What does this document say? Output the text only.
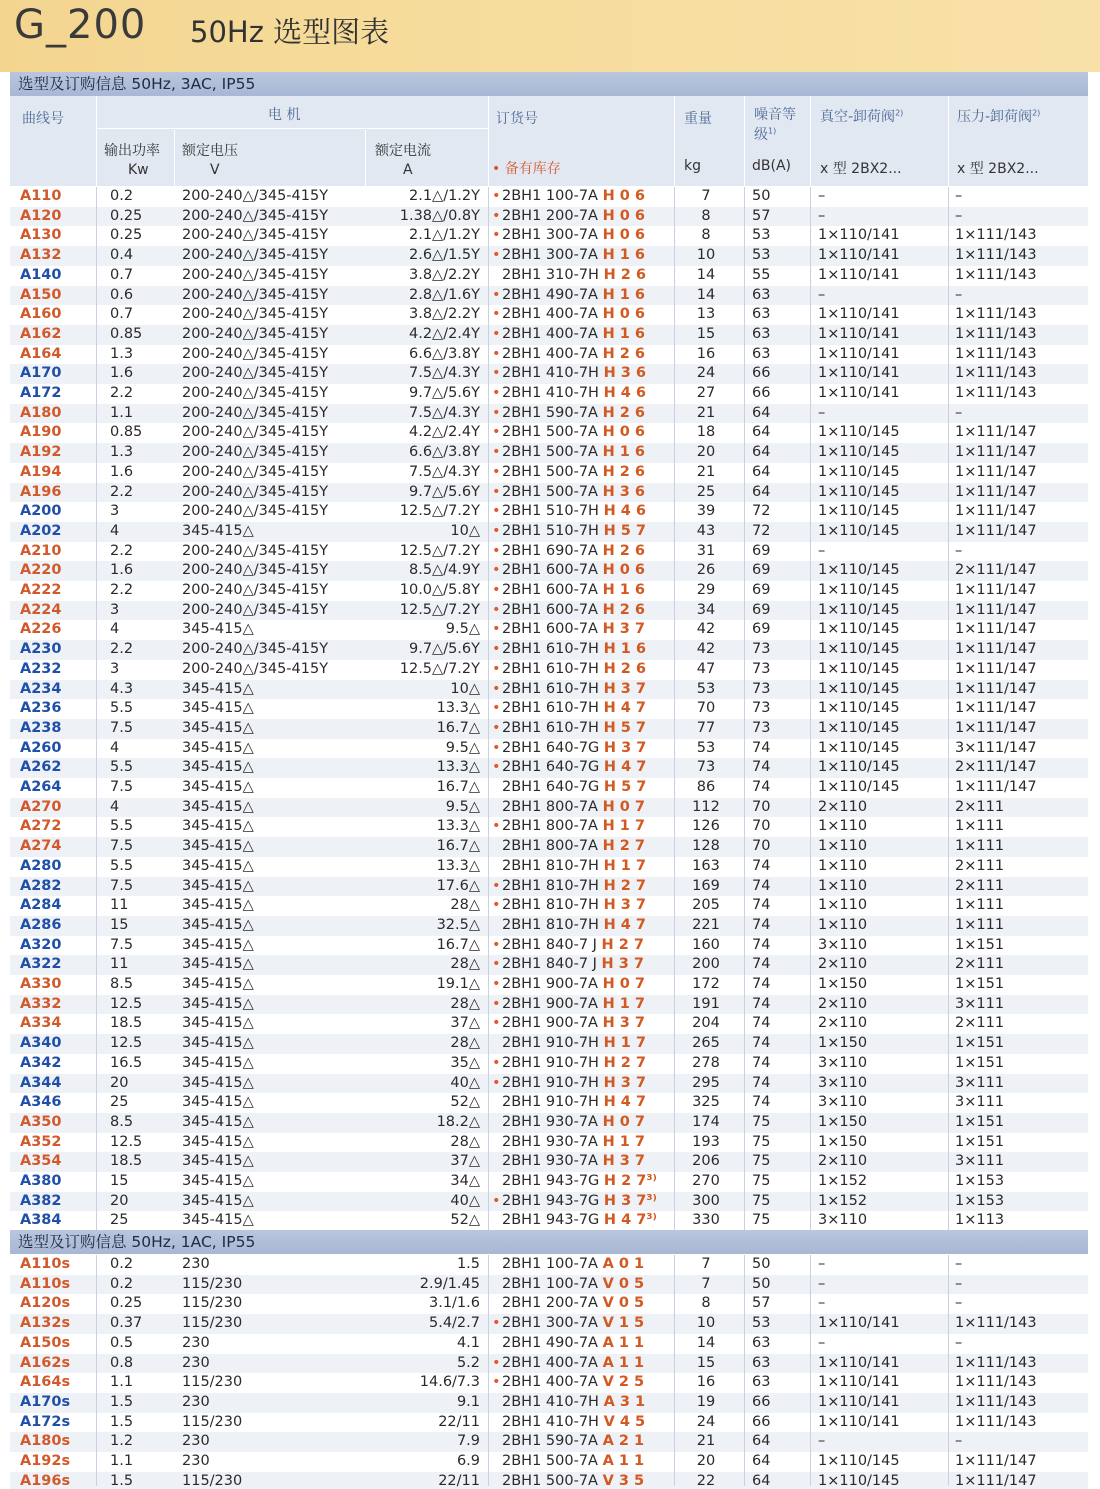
G_200 50Hz 选型图表
选型及订购信息 50Hz, 3AC, IP55
曲线号	电 机
输出功率
Kw
额定电压
V
额定电流
A
订货号
• 备有库存
重量
kg
噪音等
级$^{1)}$
dB(A)
真空-卸荷阀$^{2)}$
x 型 2BX2...
压力-卸荷阀$^{2)}$
x 型 2BX2...
选型及订购信息 50Hz, 1AC, IP55
A110	0.2	200-240△/345-415Y	2.1△/1.2Y •2BH1 100-7A H 0 6	7	50	–	–
A120	0.25	200-240△/345-415Y	1.38△/0.8Y •2BH1 200-7A H 0 6	8	57	–	–
A130	0.25	200-240△/345-415Y	2.1△/1.2Y •2BH1 300-7A H 0 6	8	53	1×110/141	1×111/143
A132	0.4	200-240△/345-415Y	2.6△/1.5Y •2BH1 300-7A H 1 6	10	53	1×110/141	1×111/143
A140	0.7	200-240△/345-415Y	3.8△/2.2Y	2BH1 310-7H H 2 6	14	55	1×110/141	1×111/143
A150	0.6	200-240△/345-415Y	2.8△/1.6Y •2BH1 490-7A H 1 6	14	63	–	–
A160	0.7	200-240△/345-415Y	3.8△/2.2Y •2BH1 400-7A H 0 6	13	63	1×110/141	1×111/143
A162	0.85	200-240△/345-415Y	4.2△/2.4Y •2BH1 400-7A H 1 6	15	63	1×110/141	1×111/143
A164	1.3	200-240△/345-415Y	6.6△/3.8Y •2BH1 400-7A H 2 6	16	63	1×110/141	1×111/143
A170	1.6	200-240△/345-415Y	7.5△/4.3Y •2BH1 410-7H H 3 6	24	66	1×110/141	1×111/143
A172	2.2	200-240△/345-415Y	9.7△/5.6Y •2BH1 410-7H H 4 6	27	66	1×110/141	1×111/143
A180	1.1	200-240△/345-415Y	7.5△/4.3Y •2BH1 590-7A H 2 6	21	64	–	–
A190	0.85	200-240△/345-415Y	4.2△/2.4Y •2BH1 500-7A H 0 6	18	64	1×110/145	1×111/147
A192	1.3	200-240△/345-415Y	6.6△/3.8Y •2BH1 500-7A H 1 6	20	64	1×110/145	1×111/147
A194	1.6	200-240△/345-415Y	7.5△/4.3Y •2BH1 500-7A H 2 6	21	64	1×110/145	1×111/147
A196	2.2	200-240△/345-415Y	9.7△/5.6Y •2BH1 500-7A H 3 6	25	64	1×110/145	1×111/147
A200	3	200-240△/345-415Y	12.5△/7.2Y •2BH1 510-7H H 4 6	39	72	1×110/145	1×111/147
A202	4	345-415△	10△ •2BH1 510-7H H 5 7	43	72	1×110/145	1×111/147
A210	2.2	200-240△/345-415Y	12.5△/7.2Y •2BH1 690-7A H 2 6	31	69	–	–
A220	1.6	200-240△/345-415Y	8.5△/4.9Y •2BH1 600-7A H 0 6	26	69	1×110/145	2×111/147
A222	2.2	200-240△/345-415Y	10.0△/5.8Y •2BH1 600-7A H 1 6	29	69	1×110/145	1×111/147
A224	3	200-240△/345-415Y	12.5△/7.2Y •2BH1 600-7A H 2 6	34	69	1×110/145	1×111/147
A226	4	345-415△	9.5△ •2BH1 600-7A H 3 7	42	69	1×110/145	1×111/147
A230	2.2	200-240△/345-415Y	9.7△/5.6Y •2BH1 610-7H H 1 6	42	73	1×110/145	1×111/147
A232	3	200-240△/345-415Y	12.5△/7.2Y •2BH1 610-7H H 2 6	47	73	1×110/145	1×111/147
A234	4.3	345-415△	10△ •2BH1 610-7H H 3 7	53	73	1×110/145	1×111/147
A236	5.5	345-415△	13.3△ •2BH1 610-7H H 4 7	70	73	1×110/145	1×111/147
A238	7.5	345-415△	16.7△ •2BH1 610-7H H 5 7	77	73	1×110/145	1×111/147
A260	4	345-415△	9.5△ •2BH1 640-7G H 3 7	53	74	1×110/145	3×111/147
A262	5.5	345-415△	13.3△ •2BH1 640-7G H 4 7	73	74	1×110/145	2×111/147
A264	7.5	345-415△	16.7△	2BH1 640-7G H 5 7	86	74	1×110/145	1×111/147
A270	4	345-415△	9.5△	2BH1 800-7A H 0 7	112	70	2×110	2×111
A272	5.5	345-415△	13.3△ •2BH1 800-7A H 1 7	126	70	1×110	1×111
A274	7.5	345-415△	16.7△	2BH1 800-7A H 2 7	128	70	1×110	1×111
A280	5.5	345-415△	13.3△	2BH1 810-7H H 1 7	163	74	1×110	2×111
A282	7.5	345-415△	17.6△ •2BH1 810-7H H 2 7	169	74	1×110	2×111
A284	11	345-415△	28△ •2BH1 810-7H H 3 7	205	74	1×110	1×111
A286	15	345-415△	32.5△	2BH1 810-7H H 4 7	221	74	1×110	1×111
A320	7.5	345-415△	16.7△ •2BH1 840-7 J H 2 7	160	74	3×110	1×151
A322	11	345-415△	28△ •2BH1 840-7 J H 3 7	200	74	2×110	2×111
A330	8.5	345-415△	19.1△ •2BH1 900-7A H 0 7	172	74	1×150	1×151
A332	12.5	345-415△	28△ •2BH1 900-7A H 1 7	191	74	2×110	3×111
A334	18.5	345-415△	37△ •2BH1 900-7A H 3 7	204	74	2×110	2×111
A340	12.5	345-415△	28△	2BH1 910-7H H 1 7	265	74	1×150	1×151
A342	16.5	345-415△	35△ •2BH1 910-7H H 2 7	278	74	3×110	1×151
A344	20	345-415△	40△ •2BH1 910-7H H 3 7	295	74	3×110	3×111
A346	25	345-415△	52△	2BH1 910-7H H 4 7	325	74	3×110	3×111
A350	8.5	345-415△	18.2△	2BH1 930-7A H 0 7	174	75	1×150	1×151
A352	12.5	345-415△	28△	2BH1 930-7A H 1 7	193	75	1×150	1×151
A354	18.5	345-415△	37△	2BH1 930-7A H 3 7	206	75	2×110	3×111
A380	15	345-415△	34△	2BH1 943-7G H 2 7³⁾	270	75	1×152	1×153
A382	20	345-415△	40△ •2BH1 943-7G H 3 7³⁾	300	75	1×152	1×153
A384	25	345-415△	52△	2BH1 943-7G H 4 7³⁾	330	75	3×110	1×113
A110s	0.2	230	1.5	2BH1 100-7A A 0 1	7	50	–	–
A110s	0.2	115/230	2.9/1.45	2BH1 100-7A V 0 5	7	50	–	–
A120s	0.25	115/230	3.1/1.6	2BH1 200-7A V 0 5	8	57	–	–
A132s	0.37	115/230	5.4/2.7 •2BH1 300-7A V 1 5	10	53	1×110/141	1×111/143
A150s	0.5	230	4.1	2BH1 490-7A A 1 1	14	63	–	–
A162s	0.8	230	5.2 •2BH1 400-7A A 1 1	15	63	1×110/141	1×111/143
A164s	1.1	115/230	14.6/7.3 •2BH1 400-7A V 2 5	16	63	1×110/141	1×111/143
A170s	1.5	230	9.1	2BH1 410-7H A 3 1	19	66	1×110/141	1×111/143
A172s	1.5	115/230	22/11	2BH1 410-7H V 4 5	24	66	1×110/141	1×111/143
A180s	1.2	230	7.9	2BH1 590-7A A 2 1	21	64	–	–
A192s	1.1	230	6.9	2BH1 500-7A A 1 1	20	64	1×110/145	1×111/147
A196s	1.5	115/230	22/11	2BH1 500-7A V 3 5	22	64	1×110/145	1×111/147
